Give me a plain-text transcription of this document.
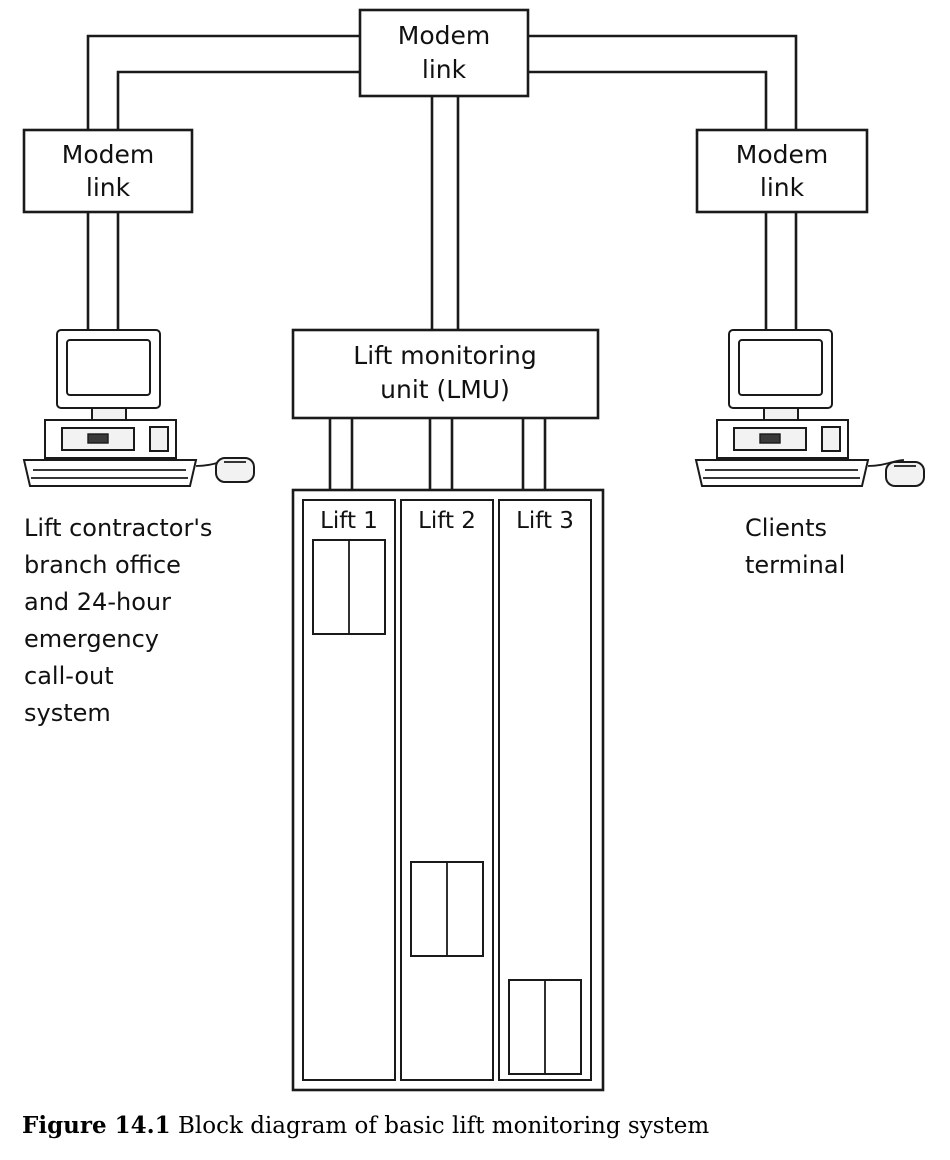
Modem
link
Modem
link
Modem
link
Lift monitoring
unit (LMU)
Lift 1 Lift 2 Lift 3
Lift contractor's
branch office
and 24-hour
emergency
call-out
system
Clients
terminal
Figure 14.1 Block diagram of basic lift monitoring system
